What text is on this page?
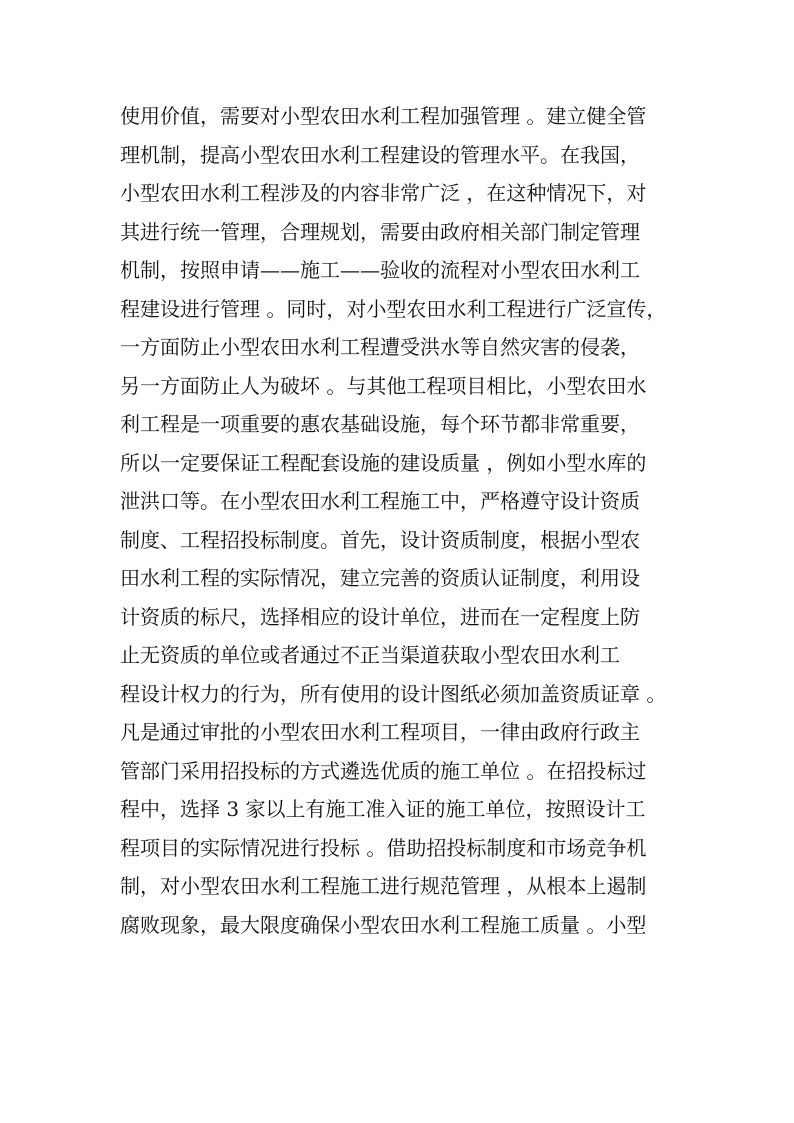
使用价值，需要对小型农田水利工程加强管理 。建立健全管
理机制，提高小型农田水利工程建设的管理水平。在我国，
小型农田水利工程涉及的内容非常广泛 ，在这种情况下，对
其进行统一管理，合理规划，需要由政府相关部门制定管理
机制，按照申请——施工——验收的流程对小型农田水利工
程建设进行管理 。同时，对小型农田水利工程进行广泛宣传，
一方面防止小型农田水利工程遭受洪水等自然灾害的侵袭，
另一方面防止人为破坏 。与其他工程项目相比，小型农田水
利工程是一项重要的惠农基础设施，每个环节都非常重要，
所以一定要保证工程配套设施的建设质量 ，例如小型水库的
泄洪口等。在小型农田水利工程施工中，严格遵守设计资质
制度、工程招投标制度。首先，设计资质制度，根据小型农
田水利工程的实际情况，建立完善的资质认证制度，利用设
计资质的标尺，选择相应的设计单位，进而在一定程度上防
止无资质的单位或者通过不正当渠道获取小型农田水利工
程设计权力的行为，所有使用的设计图纸必须加盖资质证章 。
凡是通过审批的小型农田水利工程项目，一律由政府行政主
管部门采用招投标的方式遴选优质的施工单位 。在招投标过
程中，选择 3 家以上有施工准入证的施工单位，按照设计工
程项目的实际情况进行投标 。借助招投标制度和市场竞争机
制，对小型农田水利工程施工进行规范管理 ，从根本上遏制
腐败现象，最大限度确保小型农田水利工程施工质量 。小型
